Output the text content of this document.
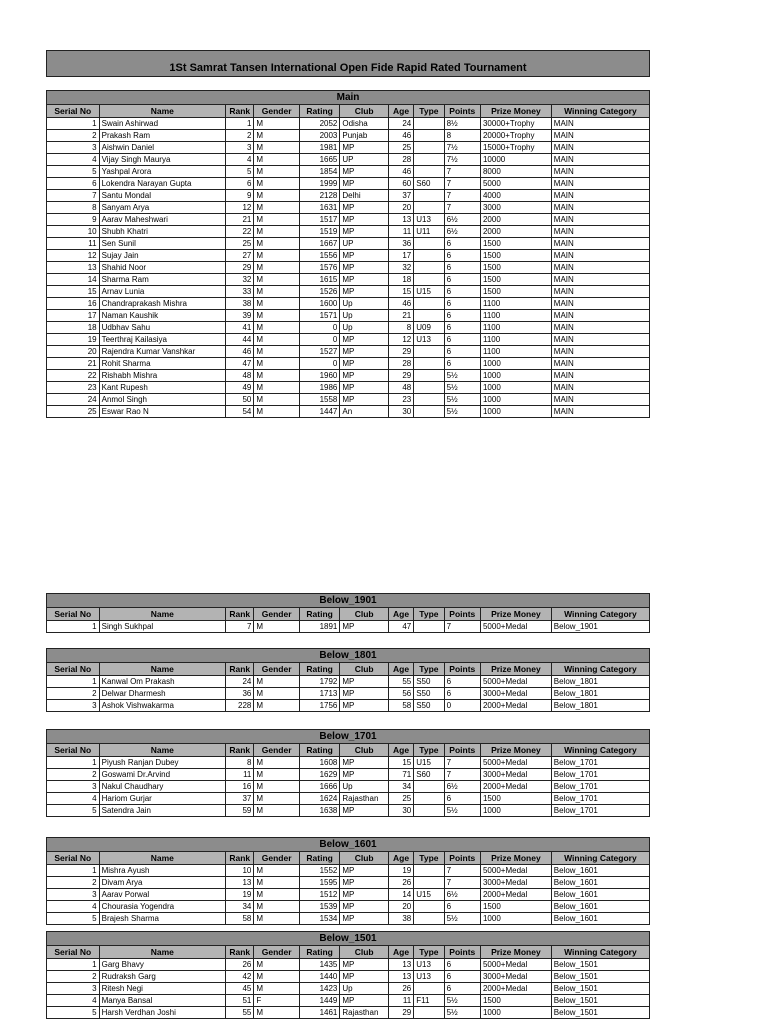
1St Samrat Tansen International Open Fide Rapid Rated Tournament
Main
Serial No	Name	Rank	Gender	Rating	Club	Age	Type	Points	Prize Money	Winning Category
1	Swain Ashirwad	1	M	2052	Odisha	24		8½	30000+Trophy	MAIN
2	Prakash Ram	2	M	2003	Punjab	46		8	20000+Trophy	MAIN
3	Aishwin Daniel	3	M	1981	MP	25		7½	15000+Trophy	MAIN
4	Vijay Singh Maurya	4	M	1665	UP	28		7½	10000	MAIN
5	Yashpal Arora	5	M	1854	MP	46		7	8000	MAIN
6	Lokendra Narayan Gupta	6	M	1999	MP	60	S60	7	5000	MAIN
7	Santu Mondal	9	M	2128	Delhi	37		7	4000	MAIN
8	Sanyam Arya	12	M	1631	MP	20		7	3000	MAIN
9	Aarav Maheshwari	21	M	1517	MP	13	U13	6½	2000	MAIN
10	Shubh Khatri	22	M	1519	MP	11	U11	6½	2000	MAIN
11	Sen Sunil	25	M	1667	UP	36		6	1500	MAIN
12	Sujay Jain	27	M	1556	MP	17		6	1500	MAIN
13	Shahid Noor	29	M	1576	MP	32		6	1500	MAIN
14	Sharma Ram	32	M	1615	MP	18		6	1500	MAIN
15	Arnav Lunia	33	M	1526	MP	15	U15	6	1500	MAIN
16	Chandraprakash Mishra	38	M	1600	Up	46		6	1100	MAIN
17	Naman Kaushik	39	M	1571	Up	21		6	1100	MAIN
18	Udbhav Sahu	41	M	0	Up	8	U09	6	1100	MAIN
19	Teerthraj Kailasiya	44	M	0	MP	12	U13	6	1100	MAIN
20	Rajendra Kumar Vanshkar	46	M	1527	MP	29		6	1100	MAIN
21	Rohit Sharma	47	M	0	MP	28		6	1000	MAIN
22	Rishabh Mishra	48	M	1960	MP	29		5½	1000	MAIN
23	Kant Rupesh	49	M	1986	MP	48		5½	1000	MAIN
24	Anmol Singh	50	M	1558	MP	23		5½	1000	MAIN
25	Eswar Rao N	54	M	1447	An	30		5½	1000	MAIN
Below_1901
Serial No	Name	Rank	Gender	Rating	Club	Age	Type	Points	Prize Money	Winning Category
1	Singh Sukhpal	7	M	1891	MP	47		7	5000+Medal	Below_1901
Below_1801
Serial No	Name	Rank	Gender	Rating	Club	Age	Type	Points	Prize Money	Winning Category
1	Kanwal Om Prakash	24	M	1792	MP	55	S50	6	5000+Medal	Below_1801
2	Delwar Dharmesh	36	M	1713	MP	56	S50	6	3000+Medal	Below_1801
3	Ashok Vishwakarma	228	M	1756	MP	58	S50	0	2000+Medal	Below_1801
Below_1701
Serial No	Name	Rank	Gender	Rating	Club	Age	Type	Points	Prize Money	Winning Category
1	Piyush Ranjan Dubey	8	M	1608	MP	15	U15	7	5000+Medal	Below_1701
2	Goswami Dr.Arvind	11	M	1629	MP	71	S60	7	3000+Medal	Below_1701
3	Nakul Chaudhary	16	M	1666	Up	34		6½	2000+Medal	Below_1701
4	Hariom Gurjar	37	M	1624	Rajasthan	25		6	1500	Below_1701
5	Satendra Jain	59	M	1638	MP	30		5½	1000	Below_1701
Below_1601
Serial No	Name	Rank	Gender	Rating	Club	Age	Type	Points	Prize Money	Winning Category
1	Mishra Ayush	10	M	1552	MP	19		7	5000+Medal	Below_1601
2	Divam Arya	13	M	1595	MP	26		7	3000+Medal	Below_1601
3	Aarav Porwal	19	M	1512	MP	14	U15	6½	2000+Medal	Below_1601
4	Chourasia Yogendra	34	M	1539	MP	20		6	1500	Below_1601
5	Brajesh Sharma	58	M	1534	MP	38		5½	1000	Below_1601
Below_1501
Serial No	Name	Rank	Gender	Rating	Club	Age	Type	Points	Prize Money	Winning Category
1	Garg Bhavy	26	M	1435	MP	13	U13	6	5000+Medal	Below_1501
2	Rudraksh Garg	42	M	1440	MP	13	U13	6	3000+Medal	Below_1501
3	Ritesh Negi	45	M	1423	Up	26		6	2000+Medal	Below_1501
4	Manya Bansal	51	F	1449	MP	11	F11	5½	1500	Below_1501
5	Harsh Verdhan Joshi	55	M	1461	Rajasthan	29		5½	1000	Below_1501
